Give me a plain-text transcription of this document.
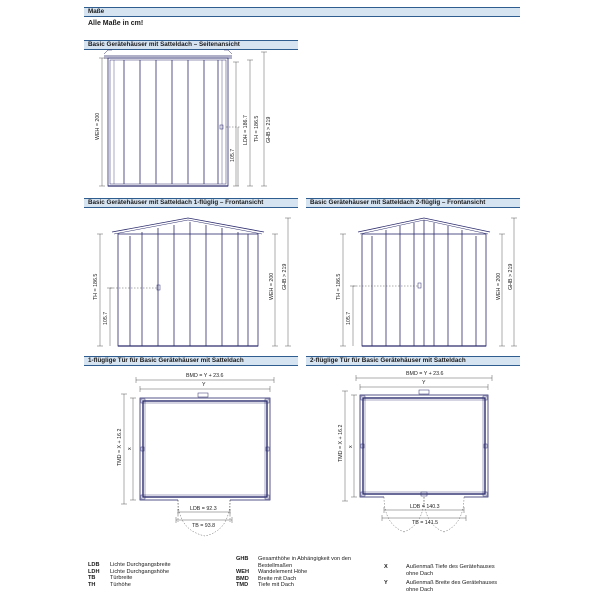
Maße
Alle Maße in cm!
Basic Gerätehäuser mit Satteldach – Seitenansicht
Basic Gerätehäuser mit Satteldach 1-flüglig – Frontansicht	Basic Gerätehäuser mit Satteldach 2-flüglig – Frontansicht
1-flüglige Tür für Basic Gerätehäuser mit Satteldach	2-flüglige Tür für Basic Gerätehäuser mit Satteldach
WEH = 200
105.7
LDH = 186.7 TH = 186.5 GHB > 219
TH = 186.5
105.7
WEH = 200 GHB > 219	TH = 186.5
105.7
WEH = 200 GHB > 219
BMD = Y + 23.6
Y
TMD = X + 16.2 x
LDB = 92.3
TB = 93.8
BMD = Y + 23.6
Y
TMD = X + 16.2 x
LDB = 140.3
TB = 141.5
LDB Lichte Durchgangsbreite
LDH Lichte Durchgangshöhe
TB	Türbreite
TH	Türhöhe
GHB	Gesamthöhe in Abhängigkeit von den Bestellmaßen
WEH Wandelement Höhe
BMD Breite mit Dach
TMD Tiefe mit Dach
X	Außenmaß Tiefe des Gerätehauses ohne Dach
Y	Außenmaß Breite des Gerätehauses ohne Dach
